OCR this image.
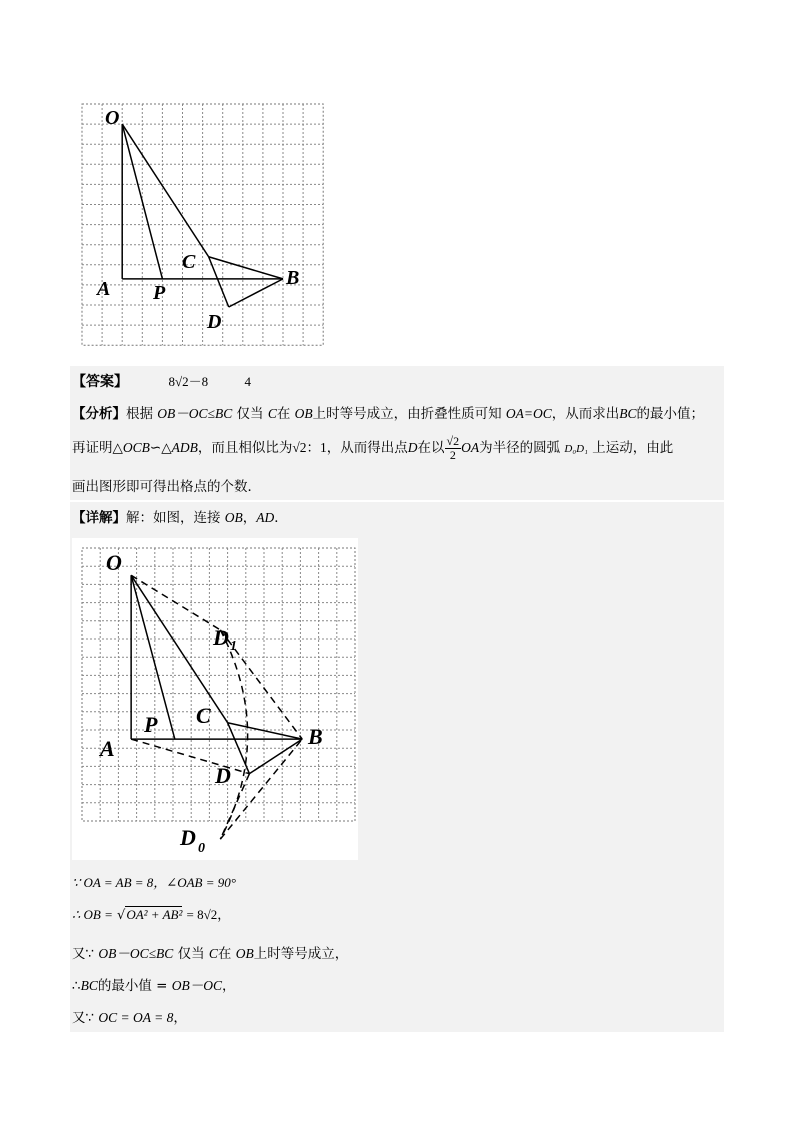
O
A P
C
B
D
【答案】	8√2－8	4
【分析】根据 OB－OC≤BC 仅当 C在 OB上时等号成立，由折叠性质可知 OA=OC，从而求出BC的最小值；
再证明△OCB∽△ADB，而且相似比为√2：1，从而得出点D在以 $\frac{√2}{2}$ OA为半径的圆弧 D₀D₁ 上运动，由此
画出图形即可得出格点的个数．
【详解】解：如图，连接 OB，AD．
O
A
P C
B
D
D 1
D 0
∵ OA = AB = 8，∠OAB = 90°
∴ OB = √OA² + AB² = 8√2，
又∵ OB－OC≤BC 仅当 C在 OB上时等号成立，
∴BC的最小值 = OB－OC，
又∵ OC = OA = 8，
